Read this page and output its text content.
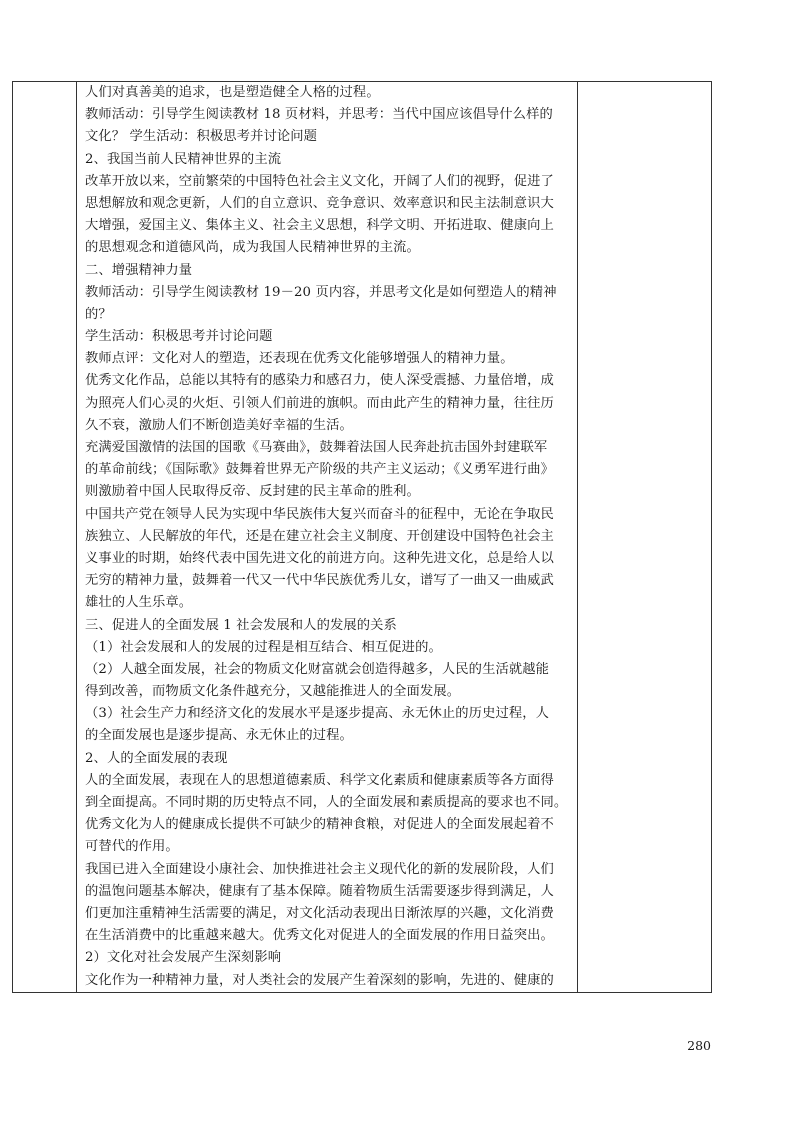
人们对真善美的追求，也是塑造健全人格的过程。
教师活动：引导学生阅读教材 18 页材料，并思考：当代中国应该倡导什么样的
文化？ 学生活动：积极思考并讨论问题
2、我国当前人民精神世界的主流
改革开放以来，空前繁荣的中国特色社会主义文化，开阔了人们的视野，促进了
思想解放和观念更新，人们的自立意识、竞争意识、效率意识和民主法制意识大
大增强，爱国主义、集体主义、社会主义思想，科学文明、开拓进取、健康向上
的思想观念和道德风尚，成为我国人民精神世界的主流。
二、增强精神力量
教师活动：引导学生阅读教材 19－20 页内容，并思考文化是如何塑造人的精神
的？
学生活动：积极思考并讨论问题
教师点评：文化对人的塑造，还表现在优秀文化能够增强人的精神力量。
优秀文化作品，总能以其特有的感染力和感召力，使人深受震撼、力量倍增，成
为照亮人们心灵的火炬、引领人们前进的旗帜。而由此产生的精神力量，往往历
久不衰，激励人们不断创造美好幸福的生活。
充满爱国激情的法国的国歌《马赛曲》，鼓舞着法国人民奔赴抗击国外封建联军
的革命前线；《国际歌》鼓舞着世界无产阶级的共产主义运动；《义勇军进行曲》
则激励着中国人民取得反帝、反封建的民主革命的胜利。
中国共产党在领导人民为实现中华民族伟大复兴而奋斗的征程中，无论在争取民
族独立、人民解放的年代，还是在建立社会主义制度、开创建设中国特色社会主
义事业的时期，始终代表中国先进文化的前进方向。这种先进文化，总是给人以
无穷的精神力量，鼓舞着一代又一代中华民族优秀儿女，谱写了一曲又一曲威武
雄壮的人生乐章。
三、促进人的全面发展 1 社会发展和人的发展的关系
（1）社会发展和人的发展的过程是相互结合、相互促进的。
（2）人越全面发展，社会的物质文化财富就会创造得越多，人民的生活就越能
得到改善，而物质文化条件越充分，又越能推进人的全面发展。
（3）社会生产力和经济文化的发展水平是逐步提高、永无休止的历史过程，人
的全面发展也是逐步提高、永无休止的过程。
2、人的全面发展的表现
人的全面发展，表现在人的思想道德素质、科学文化素质和健康素质等各方面得
到全面提高。不同时期的历史特点不同，人的全面发展和素质提高的要求也不同。
优秀文化为人的健康成长提供不可缺少的精神食粮，对促进人的全面发展起着不
可替代的作用。
我国已进入全面建设小康社会、加快推进社会主义现代化的新的发展阶段，人们
的温饱问题基本解决，健康有了基本保障。随着物质生活需要逐步得到满足，人
们更加注重精神生活需要的满足，对文化活动表现出日渐浓厚的兴趣，文化消费
在生活消费中的比重越来越大。优秀文化对促进人的全面发展的作用日益突出。
2）文化对社会发展产生深刻影响
文化作为一种精神力量，对人类社会的发展产生着深刻的影响，先进的、健康的

280
